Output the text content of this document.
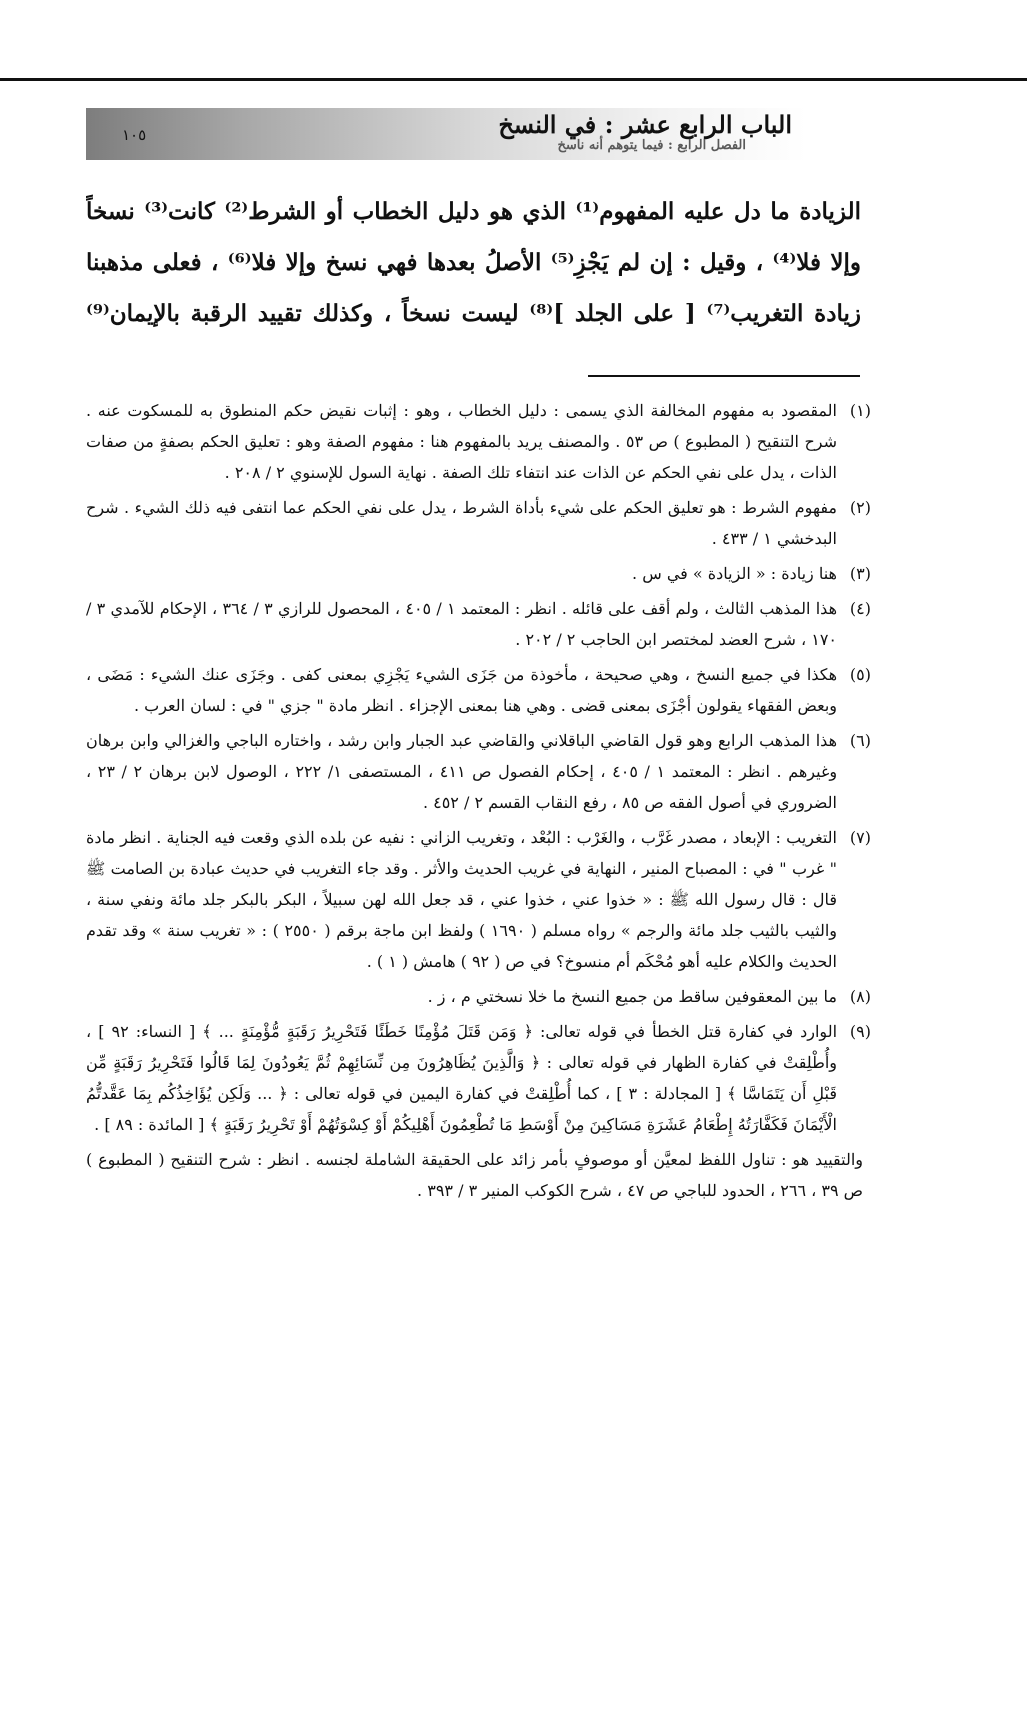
الباب الرابع عشر : في النسخ
الفصل الرابع : فيما يتوهم أنه ناسخ
١٠٥
الزيادة ما دل عليه المفهوم⁽¹⁾ الذي هو دليل الخطاب أو الشرط⁽²⁾ كانت⁽³⁾ نسخاً
وإلا فلا⁽⁴⁾ ، وقيل : إن لم يَجْزِ⁽⁵⁾ الأصلُ بعدها فهي نسخ وإلا فلا⁽⁶⁾ ، فعلى مذهبنا
زيادة التغريب⁽⁷⁾ [ على الجلد ]⁽⁸⁾ ليست نسخاً ، وكذلك تقييد الرقبة بالإيمان⁽⁹⁾
(١)
المقصود به مفهوم المخالفة الذي يسمى : دليل الخطاب ، وهو : إثبات نقيض حكم المنطوق به للمسكوت عنه . شرح التنقيح ( المطبوع ) ص ٥٣ . والمصنف يريد بالمفهوم هنا : مفهوم الصفة وهو : تعليق الحكم بصفةٍ من صفات الذات ، يدل على نفي الحكم عن الذات عند انتفاء تلك الصفة . نهاية السول للإسنوي ٢ / ٢٠٨ .
(٢)
مفهوم الشرط : هو تعليق الحكم على شيء بأداة الشرط ، يدل على نفي الحكم عما انتفى فيه ذلك الشيء . شرح البدخشي ١ / ٤٣٣ .
(٣)
هنا زيادة : « الزيادة » في س .
(٤)
هذا المذهب الثالث ، ولم أقف على قائله . انظر : المعتمد ١ / ٤٠٥ ، المحصول للرازي ٣ / ٣٦٤ ، الإحكام للآمدي ٣ / ١٧٠ ، شرح العضد لمختصر ابن الحاجب ٢ / ٢٠٢ .
(٥)
هكذا في جميع النسخ ، وهي صحيحة ، مأخوذة من جَزَى الشيء يَجْزِي بمعنى كفى . وجَزَى عنك الشيء : مَضَى ، وبعض الفقهاء يقولون أجْزَى بمعنى قضى . وهي هنا بمعنى الإجزاء . انظر مادة " جزي " في : لسان العرب .
(٦)
هذا المذهب الرابع وهو قول القاضي الباقلاني والقاضي عبد الجبار وابن رشد ، واختاره الباجي والغزالي وابن برهان وغيرهم . انظر : المعتمد ١ / ٤٠٥ ، إحكام الفصول ص ٤١١ ، المستصفى ١/ ٢٢٢ ، الوصول لابن برهان ٢ / ٢٣ ، الضروري في أصول الفقه ص ٨٥ ، رفع النقاب القسم ٢ / ٤٥٢ .
(٧)
التغريب : الإبعاد ، مصدر غَرَّب ، والغَرْب : البُعْد ، وتغريب الزاني : نفيه عن بلده الذي وقعت فيه الجناية . انظر مادة " غرب " في : المصباح المنير ، النهاية في غريب الحديث والأثر . وقد جاء التغريب في حديث عبادة بن الصامت ﷺ قال : قال رسول الله ﷺ : « خذوا عني ، خذوا عني ، قد جعل الله لهن سبيلاً ، البكر بالبكر جلد مائة ونفي سنة ، والثيب بالثيب جلد مائة والرجم » رواه مسلم ( ١٦٩٠ ) ولفظ ابن ماجة برقم ( ٢٥٥٠ ) : « تغريب سنة » وقد تقدم الحديث والكلام عليه أهو مُحْكَم أم منسوخ؟ في ص ( ٩٢ ) هامش ( ١ ) .
(٨)
ما بين المعقوفين ساقط من جميع النسخ ما خلا نسختي م ، ز .
(٩)
الوارد في كفارة قتل الخطأ في قوله تعالى: ﴿ وَمَن قَتَلَ مُؤْمِنًا خَطَئًا فَتَحْرِيرُ رَقَبَةٍ مُّؤْمِنَةٍ ... ﴾ [ النساء: ٩٢ ] ، وأُطْلِقتْ في كفارة الظهار في قوله تعالى : ﴿ وَالَّذِينَ يُظَاهِرُونَ مِن نِّسَائِهِمْ ثُمَّ يَعُودُونَ لِمَا قَالُوا فَتَحْرِيرُ رَقَبَةٍ مِّن قَبْلِ أَن يَتَمَاسَّا ﴾ [ المجادلة : ٣ ] ، كما أُطْلِقتْ في كفارة اليمين في قوله تعالى : ﴿ ... وَلَكِن يُؤَاخِذُكُم بِمَا عَقَّدتُّمُ الْأَيْمَانَ فَكَفَّارَتُهُ إِطْعَامُ عَشَرَةِ مَسَاكِينَ مِنْ أَوْسَطِ مَا تُطْعِمُونَ أَهْلِيكُمْ أَوْ كِسْوَتُهُمْ أَوْ تَحْرِيرُ رَقَبَةٍ ﴾ [ المائدة : ٨٩ ] .
والتقييد هو : تناول اللفظ لمعيَّن أو موصوفٍ بأمر زائد على الحقيقة الشاملة لجنسه . انظر : شرح التنقيح ( المطبوع ) ص ٣٩ ، ٢٦٦ ، الحدود للباجي ص ٤٧ ، شرح الكوكب المنير ٣ / ٣٩٣ .
